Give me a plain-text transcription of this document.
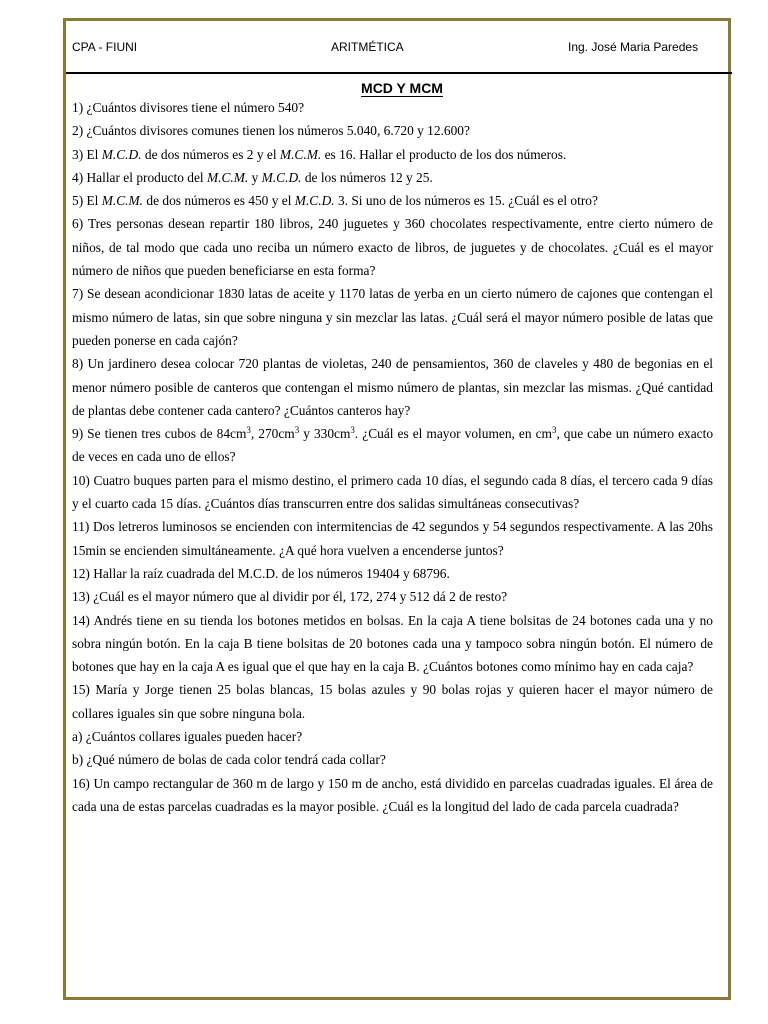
CPA - FIUNI	ARITMÉTICA	Ing. José Maria Paredes
MCD Y MCM

1) ¿Cuántos divisores tiene el número 540?

2) ¿Cuántos divisores comunes tienen los números 5.040, 6.720 y 12.600?

3) El M.C.D. de dos números es 2 y el M.C.M. es 16. Hallar el producto de los dos números.

4) Hallar el producto del M.C.M. y M.C.D. de los números 12 y 25.

5) El M.C.M. de dos números es 450 y el M.C.D. 3. Si uno de los números es 15. ¿Cuál es el otro?

6) Tres personas desean repartir 180 libros, 240 juguetes y 360 chocolates respectivamente, entre cierto número de niños, de tal modo que cada uno reciba un número exacto de libros, de juguetes y de chocolates. ¿Cuál es el mayor número de niños que pueden beneficiarse en esta forma?

7) Se desean acondicionar 1830 latas de aceite y 1170 latas de yerba en un cierto número de cajones que contengan el mismo número de latas, sin que sobre ninguna y sin mezclar las latas. ¿Cuál será el mayor número posible de latas que pueden ponerse en cada cajón?

8) Un jardinero desea colocar 720 plantas de violetas, 240 de pensamientos, 360 de claveles y 480 de begonias en el menor número posible de canteros que contengan el mismo número de plantas, sin mezclar las mismas. ¿Qué cantidad de plantas debe contener cada cantero? ¿Cuántos canteros hay?

9) Se tienen tres cubos de $84cm^3$, $270cm^3$ y $330cm^3$. ¿Cuál es el mayor volumen, en $cm^3$, que cabe un número exacto de veces en cada uno de ellos?

10) Cuatro buques parten para el mismo destino, el primero cada 10 días, el segundo cada 8 días, el tercero cada 9 días y el cuarto cada 15 días. ¿Cuántos días transcurren entre dos salidas simultáneas consecutivas?

11) Dos letreros luminosos se encienden con intermitencias de 42 segundos y 54 segundos respectivamente. A las 20hs 15min se encienden simultáneamente. ¿A qué hora vuelven a encenderse juntos?

12) Hallar la raíz cuadrada del M.C.D. de los números 19404 y 68796.

13) ¿Cuál es el mayor número que al dividir por él, 172, 274 y 512 dá 2 de resto?

14) Andrés tiene en su tienda los botones metidos en bolsas. En la caja A tiene bolsitas de 24 botones cada una y no sobra ningún botón. En la caja B tiene bolsitas de 20 botones cada una y tampoco sobra ningún botón. El número de botones que hay en la caja A es igual que el que hay en la caja B. ¿Cuántos botones como mínimo hay en cada caja?

15) María y Jorge tienen 25 bolas blancas, 15 bolas azules y 90 bolas rojas y quieren hacer el mayor número de collares iguales sin que sobre ninguna bola.

a) ¿Cuántos collares iguales pueden hacer?

b) ¿Qué número de bolas de cada color tendrá cada collar?

16) Un campo rectangular de 360 m de largo y 150 m de ancho, está dividido en parcelas cuadradas iguales. El área de cada una de estas parcelas cuadradas es la mayor posible. ¿Cuál es la longitud del lado de cada parcela cuadrada?
